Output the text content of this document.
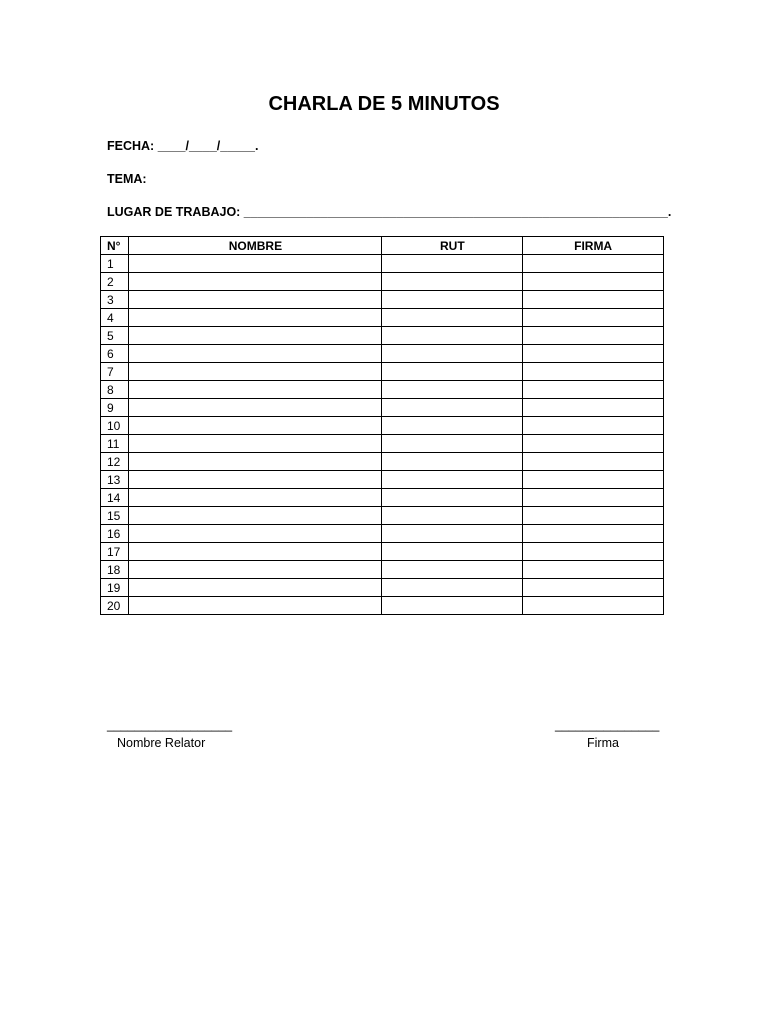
CHARLA DE 5 MINUTOS
FECHA: ____/____/_____.
TEMA:
LUGAR DE TRABAJO: _____________________________________________________________.
N°	NOMBRE	RUT	FIRMA
1			
2			
3			
4			
5			
6			
7			
8			
9			
10			
11			
12			
13			
14			
15			
16			
17			
18			
19			
20			
__________________
Nombre Relator
_______________
Firma
